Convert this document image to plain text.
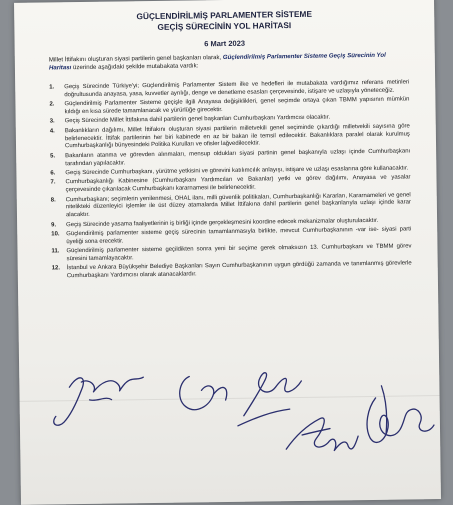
GÜÇLENDİRİLMİŞ PARLAMENTER SİSTEME
GEÇİŞ SÜRECİNİN YOL HARİTASI
6 Mart 2023
Millet İttifakını oluşturan siyasi partilerin genel başkanları olarak, Güçlendirilmiş Parlamenter Sisteme Geçiş Sürecinin Yol Haritası üzerinde aşağıdaki şekilde mutabakata vardık:
1. Geçiş Sürecinde Türkiye'yi; Güçlendirilmiş Parlamenter Sistem ilke ve hedefleri ile mutabakata vardığımız referans metinleri doğrultusunda anayasa, yasa, kuvvetler ayrılığı, denge ve denetleme esasları çerçevesinde, istişare ve uzlaşıyla yöneteceğiz.
2. Güçlendirilmiş Parlamenter Sisteme geçişle ilgili Anayasa değişiklikleri, genel seçimde ortaya çıkan TBMM yapısının mümkün kıldığı en kısa sürede tamamlanacak ve yürürlüğe girecektir.
3. Geçiş Sürecinde Millet İttifakına dahil partilerin genel başkanları Cumhurbaşkanı Yardımcısı olacaktır.
4. Bakanlıkların dağılımı, Millet İttifakını oluşturan siyasi partilerin milletvekili genel seçiminde çıkardığı milletvekili sayısına göre belirlenecektir. İttifak partilerinin her biri kabinede en az bir bakan ile temsil edilecektir. Bakanlıklara paralel olarak kurulmuş Cumhurbaşkanlığı bünyesindeki Politika Kurulları ve ofisler lağvedilecektir.
5. Bakanların atanma ve görevden alınmaları, mensup oldukları siyasi partinin genel başkanıyla uzlaşı içinde Cumhurbaşkanı tarafından yapılacaktır.
6. Geçiş Sürecinde Cumhurbaşkanı, yürütme yetkisini ve görevini katılımcılık anlayışı, istişare ve uzlaşı esaslarına göre kullanacaktır.
7. Cumhurbaşkanlığı Kabinesine (Cumhurbaşkanı Yardımcıları ve Bakanlar) yetki ve görev dağılımı, Anayasa ve yasalar çerçevesinde çıkarılacak Cumhurbaşkanı kararnamesi ile belirlenecektir.
8. Cumhurbaşkanı; seçimlerin yenilenmesi, OHAL ilanı, milli güvenlik politikaları, Cumhurbaşkanlığı Kararları, Kararnameleri ve genel nitelikteki düzenleyici işlemler ile üst düzey atamalarda Millet İttifakına dahil partilerin genel başkanlarıyla uzlaşı içinde karar alacaktır.
9. Geçiş Sürecinde yasama faaliyetlerinin iş birliği içinde gerçekleşmesini koordine edecek mekanizmalar oluşturulacaktır.
10. Güçlendirilmiş parlamenter sisteme geçiş sürecinin tamamlanmasıyla birlikte, mevcut Cumhurbaşkanının -var ise- siyasi parti üyeliği sona erecektir.
11. Güçlendirilmiş parlamenter sisteme geçildikten sonra yeni bir seçime gerek olmaksızın 13. Cumhurbaşkanı ve TBMM görev süresini tamamlayacaktır.
12. İstanbul ve Ankara Büyükşehir Belediye Başkanları Sayın Cumhurbaşkanının uygun gördüğü zamanda ve tanımlanmış görevlerle Cumhurbaşkanı Yardımcısı olarak atanacaklardır.
